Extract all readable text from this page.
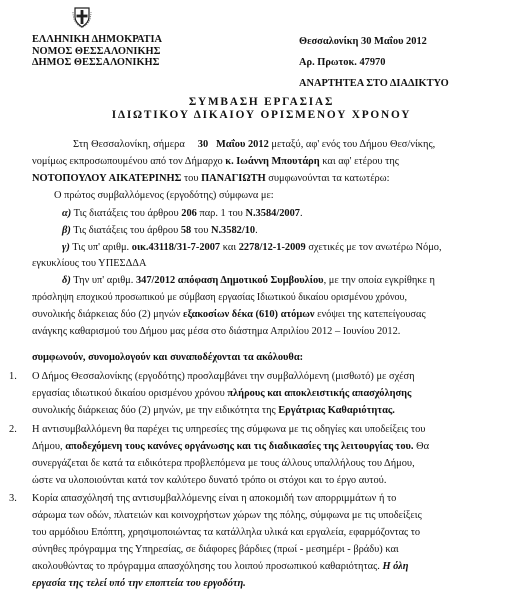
ΕΛΛΗΝΙΚΗ ΔΗΜΟΚΡΑΤΙΑ
ΝΟΜΟΣ ΘΕΣΣΑΛΟΝΙΚΗΣ
ΔΗΜΟΣ ΘΕΣΣΑΛΟΝΙΚΗΣ
Θεσσαλονίκη 30 Μαΐου 2012
Αρ. Πρωτοκ. 47970
ΑΝΑΡΤΗΤΕΑ ΣΤΟ ΔΙΑΔΙΚΤΥΟ
ΣΥΜΒΑΣΗ ΕΡΓΑΣΙΑΣ
ΙΔΙΩΤΙΚΟΥ ΔΙΚΑΙΟΥ ΟΡΙΣΜΕΝΟΥ ΧΡΟΝΟΥ
Στη Θεσσαλονίκη, σήμερα 30 Μαΐου 2012 μεταξύ, αφ' ενός του Δήμου Θεσ/νίκης,
νομίμως εκπροσωπουμένου από τον Δήμαρχο κ. Ιωάννη Μπουτάρη και αφ' ετέρου της
ΝΟΤΟΠΟΥΛΟΥ ΑΙΚΑΤΕΡΙΝΗΣ του ΠΑΝΑΓΙΩΤΗ συμφωνούνται τα κατωτέρω:
Ο πρώτος συμβαλλόμενος (εργοδότης) σύμφωνα με:
α) Τις διατάξεις του άρθρου 206 παρ. 1 του Ν.3584/2007.
β) Τις διατάξεις του άρθρου 58 του Ν.3582/10.
γ) Τις υπ' αριθμ. οικ.43118/31-7-2007 και 2278/12-1-2009 σχετικές με τον ανωτέρω Νόμο,
εγκυκλίους του ΥΠΕΣΔΔΑ
δ) Την υπ' αριθμ. 347/2012 απόφαση Δημοτικού Συμβουλίου, με την οποία εγκρίθηκε η
πρόσληψη εποχικού προσωπικού με σύμβαση εργασίας Ιδιωτικού δικαίου ορισμένου χρόνου,
συνολικής διάρκειας δύο (2) μηνών εξακοσίων δέκα (610) ατόμων ενόψει της κατεπείγουσας
ανάγκης καθαρισμού του Δήμου μας μέσα στο διάστημα Απριλίου 2012 – Ιουνίου 2012.
συμφωνούν, συνομολογούν και συναποδέχονται τα ακόλουθα:
1. Ο Δήμος Θεσσαλονίκης (εργοδότης) προσλαμβάνει την συμβαλλόμενη (μισθωτό) με σχέση
εργασίας ιδιωτικού δικαίου ορισμένου χρόνου πλήρους και αποκλειστικής απασχόλησης
συνολικής διάρκειας δύο (2) μηνών, με την ειδικότητα της Εργάτριας Καθαριότητας.
2. Η αντισυμβαλλόμενη θα παρέχει τις υπηρεσίες της σύμφωνα με τις οδηγίες και υποδείξεις του
Δήμου, αποδεχόμενη τους κανόνες οργάνωσης και τις διαδικασίες της λειτουργίας του. Θα
συνεργάζεται δε κατά τα ειδικότερα προβλεπόμενα με τους άλλους υπαλλήλους του Δήμου,
ώστε να υλοποιούνται κατά τον καλύτερο δυνατό τρόπο οι στόχοι και το έργο αυτού.
3. Κορία απασχόλησή της αντισυμβαλλόμενης είναι η αποκομιδή των απορριμμάτων ή το
σάρωμα των οδών, πλατειών και κοινοχρήστων χώρων της πόλης, σύμφωνα με τις υποδείξεις
του αρμόδιου Επόπτη, χρησιμοποιώντας τα κατάλληλα υλικά και εργαλεία, εφαρμόζοντας το
σύνηθες πρόγραμμα της Υπηρεσίας, σε διάφορες βάρδιες (πρωί - μεσημέρι - βράδυ) και
ακολουθώντας το πρόγραμμα απασχόλησης του λοιπού προσωπικού καθαριότητας. Η όλη
εργασία της τελεί υπό την εποπτεία του εργοδότη.
